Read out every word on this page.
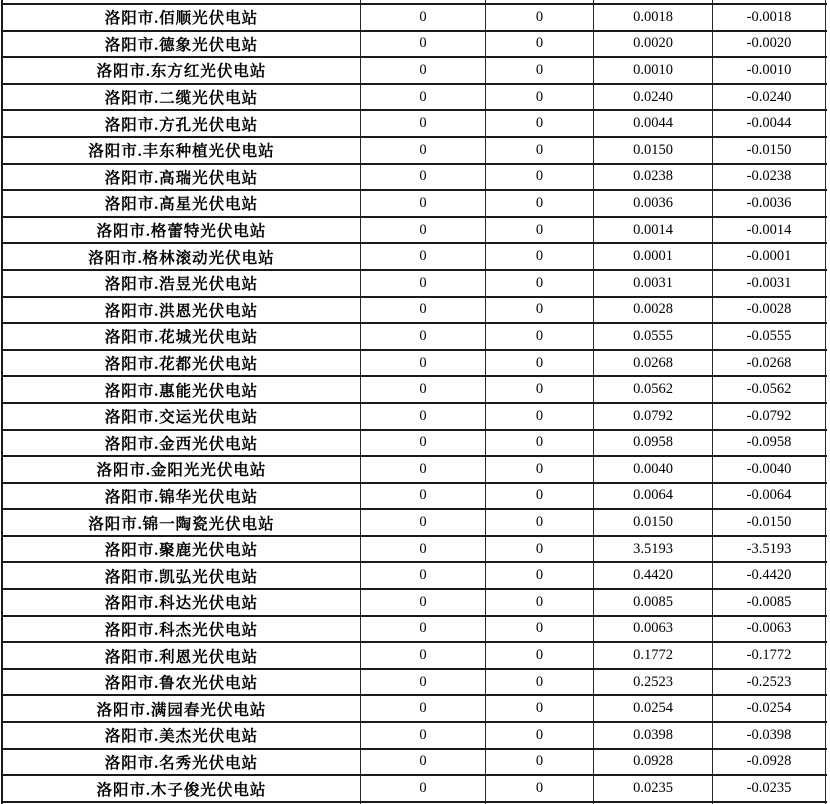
洛阳市.佰顺光伏电站	0	0	0.0018	-0.0018
洛阳市.德象光伏电站	0	0	0.0020	-0.0020
洛阳市.东方红光伏电站	0	0	0.0010	-0.0010
洛阳市.二缆光伏电站	0	0	0.0240	-0.0240
洛阳市.方孔光伏电站	0	0	0.0044	-0.0044
洛阳市.丰东种植光伏电站	0	0	0.0150	-0.0150
洛阳市.高瑞光伏电站	0	0	0.0238	-0.0238
洛阳市.高星光伏电站	0	0	0.0036	-0.0036
洛阳市.格蕾特光伏电站	0	0	0.0014	-0.0014
洛阳市.格林滚动光伏电站	0	0	0.0001	-0.0001
洛阳市.浩昱光伏电站	0	0	0.0031	-0.0031
洛阳市.洪恩光伏电站	0	0	0.0028	-0.0028
洛阳市.花城光伏电站	0	0	0.0555	-0.0555
洛阳市.花都光伏电站	0	0	0.0268	-0.0268
洛阳市.惠能光伏电站	0	0	0.0562	-0.0562
洛阳市.交运光伏电站	0	0	0.0792	-0.0792
洛阳市.金西光伏电站	0	0	0.0958	-0.0958
洛阳市.金阳光光伏电站	0	0	0.0040	-0.0040
洛阳市.锦华光伏电站	0	0	0.0064	-0.0064
洛阳市.锦一陶瓷光伏电站	0	0	0.0150	-0.0150
洛阳市.聚鹿光伏电站	0	0	3.5193	-3.5193
洛阳市.凯弘光伏电站	0	0	0.4420	-0.4420
洛阳市.科达光伏电站	0	0	0.0085	-0.0085
洛阳市.科杰光伏电站	0	0	0.0063	-0.0063
洛阳市.利恩光伏电站	0	0	0.1772	-0.1772
洛阳市.鲁农光伏电站	0	0	0.2523	-0.2523
洛阳市.满园春光伏电站	0	0	0.0254	-0.0254
洛阳市.美杰光伏电站	0	0	0.0398	-0.0398
洛阳市.名秀光伏电站	0	0	0.0928	-0.0928
洛阳市.木子俊光伏电站	0	0	0.0235	-0.0235
